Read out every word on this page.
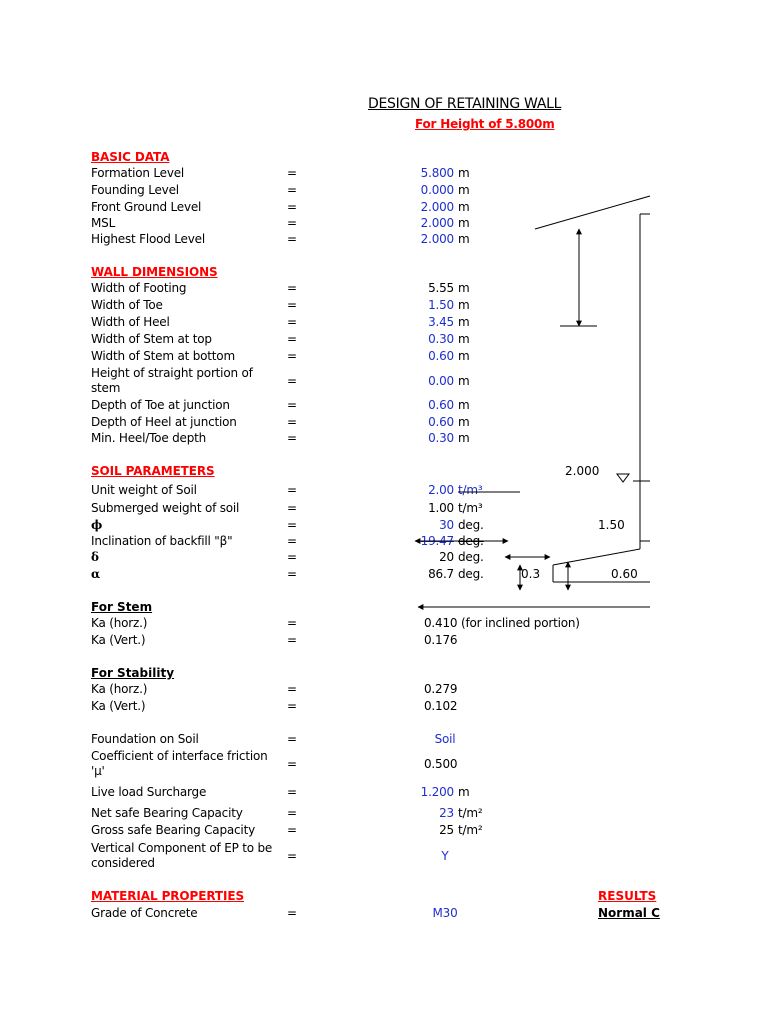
DESIGN OF RETAINING WALL
For Height of 5.800m
BASIC DATA
Formation Level	=	5.800 m
Founding Level	=	0.000 m
Front Ground Level	=	2.000 m
MSL	=	2.000 m
Highest Flood Level	=	2.000 m
WALL DIMENSIONS
Width of Footing	=	5.55 m
Width of Toe	=	1.50 m
Width of Heel	=	3.45 m
Width of Stem at top	=	0.30 m
Width of Stem at bottom	=	0.60 m
Height of straight portion of stem	=	0.00 m
Depth of Toe at junction	=	0.60 m
Depth of Heel at junction	=	0.60 m
Min. Heel/Toe depth	=	0.30 m
SOIL PARAMETERS
Unit weight of Soil	=	2.00 t/m³
Submerged weight of soil	=	1.00 t/m³
ϕ	=	30 deg.
Inclination of backfill "β"	=	19.47 deg.
δ	=	20 deg.
α	=	86.7 deg.
For Stem
Ka (horz.)	=	0.410 (for inclined portion)
Ka (Vert.)	=	0.176
For Stability
Ka (horz.)	=	0.279
Ka (Vert.)	=	0.102
Foundation on Soil	=	Soil
Coefficient of interface friction 'μ'	=	0.500
Live load Surcharge	=	1.200 m
Net safe Bearing Capacity	=	23 t/m²
Gross safe Bearing Capacity	=	25 t/m²
Vertical Component of EP to be considered	=	Y
MATERIAL PROPERTIES
Grade of Concrete	=	M30
RESULTS
Normal C
2.000
1.50
0.3	0.60
